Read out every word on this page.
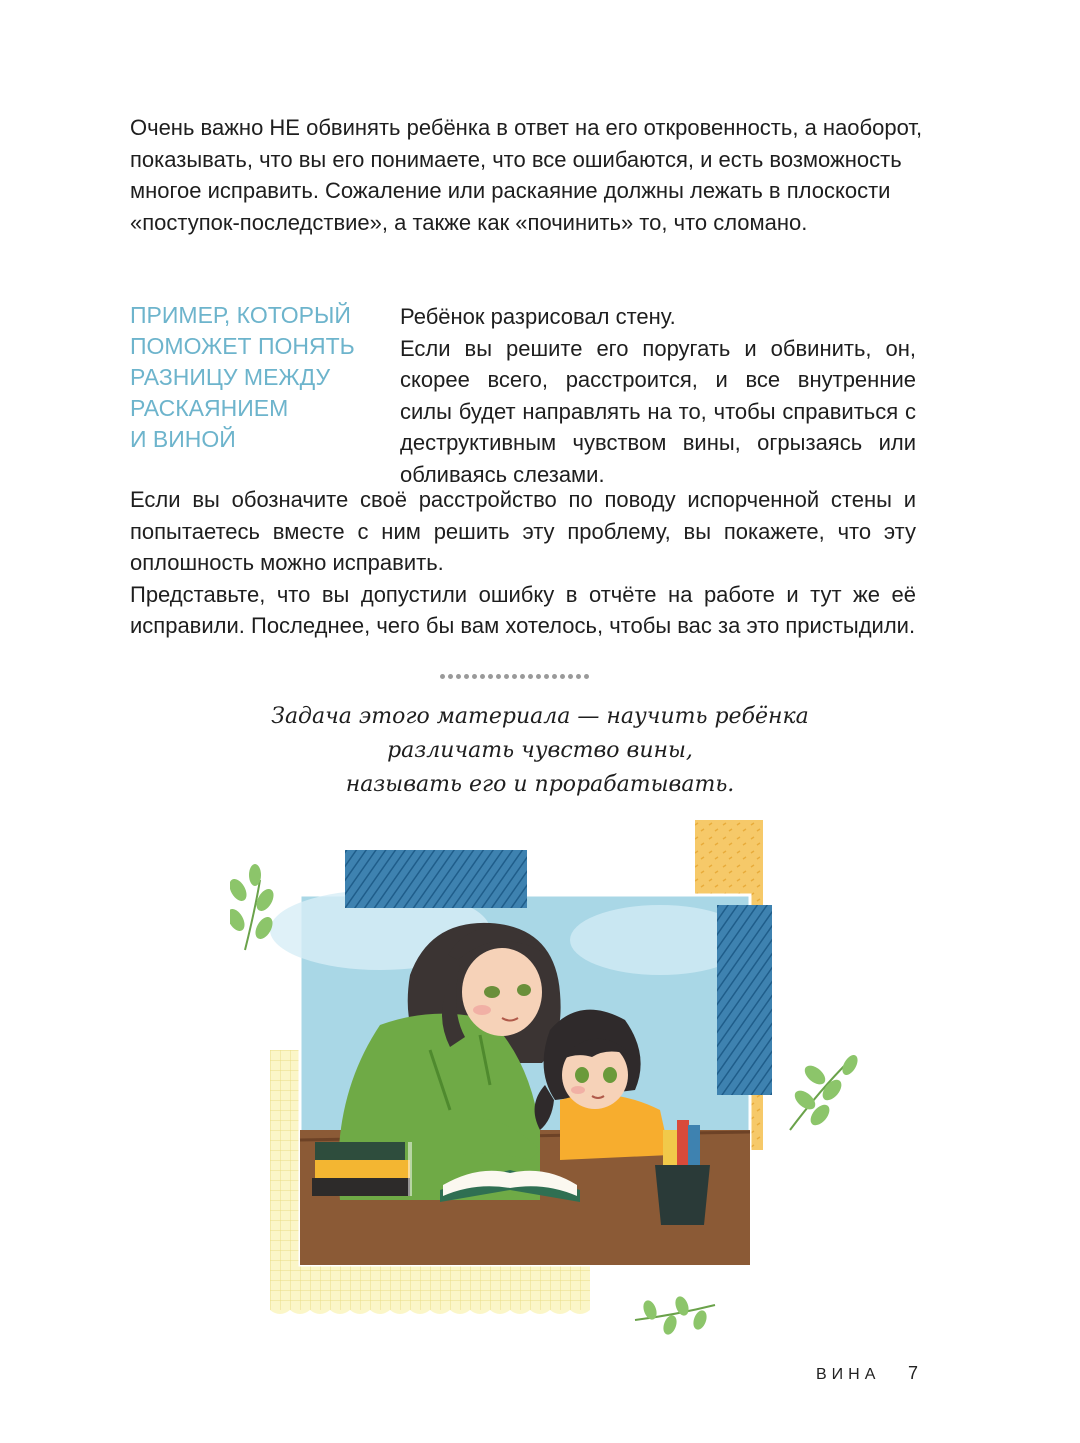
Очень важно НЕ обвинять ребёнка в ответ на его откровенность, а наоборот,

показывать, что вы его понимаете, что все ошибаются, и есть возможность

многое исправить. Сожаление или раскаяние должны лежать в плоскости

«поступок-последствие», а также как «починить» то, что сломано.

ПРИМЕР, КОТОРЫЙ
ПОМОЖЕТ ПОНЯТЬ
РАЗНИЦУ МЕЖДУ
РАСКАЯНИЕМ
И ВИНОЙ

Ребёнок разрисовал стену.

Если вы решите его поругать и обвинить, он, скорее всего, расстроится, и все внутренние силы будет направлять на то, чтобы справиться с деструктивным чувством вины, огрызаясь или обливаясь слезами.

Если вы обозначите своё расстройство по поводу испорченной стены и попытаетесь вместе с ним решить эту проблему, вы покажете, что эту оплошность можно исправить.

Представьте, что вы допустили ошибку в отчёте на работе и тут же её исправили. Последнее, чего бы вам хотелось, чтобы вас за это пристыдили.

Задача этого материала — научить ребёнка
различать чувство вины,
называть его и прорабатывать.
ВИНА 7
